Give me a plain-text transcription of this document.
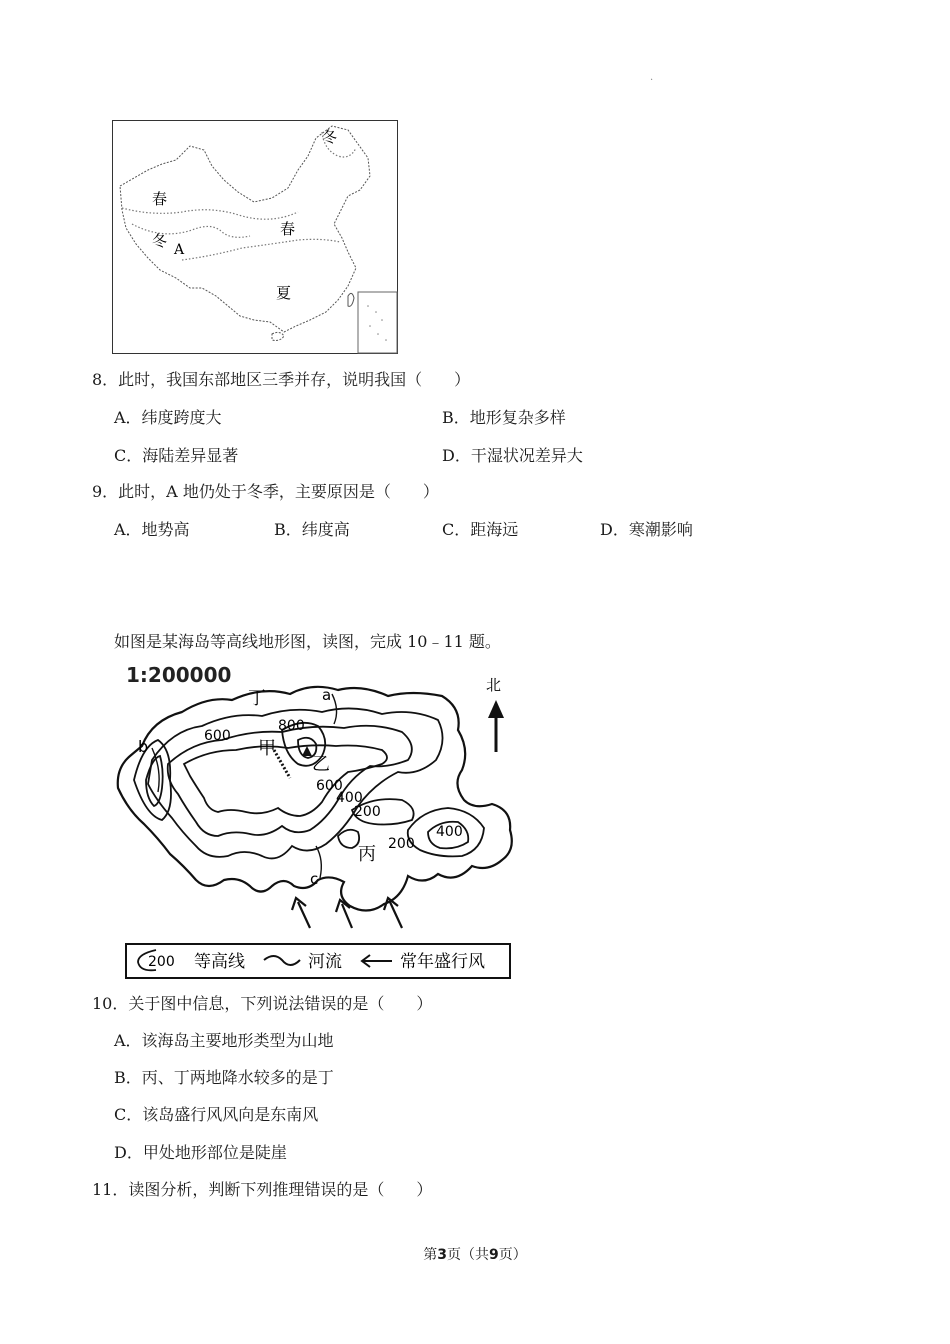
.
冬
春
冬 A
春
夏
8．此时，我国东部地区三季并存，说明我国（　　）
A．纬度跨度大	B．地形复杂多样
C．海陆差异显著	D．干湿状况差异大
9．此时，A 地仍处于冬季，主要原因是（　　）
A．地势高	B．纬度高	C．距海远	D．寒潮影响
如图是某海岛等高线地形图，读图，完成 10﹣11 题。
1:200000
丁	a
b	甲
乙
丙
c
800
600
600
400
200
200
400
北
200 等高线	河流	常年盛行风
10．关于图中信息，下列说法错误的是（　　）
A．该海岛主要地形类型为山地
B．丙、丁两地降水较多的是丁
C．该岛盛行风风向是东南风
D．甲处地形部位是陡崖
11．读图分析，判断下列推理错误的是（　　）
第3页（共9页）
